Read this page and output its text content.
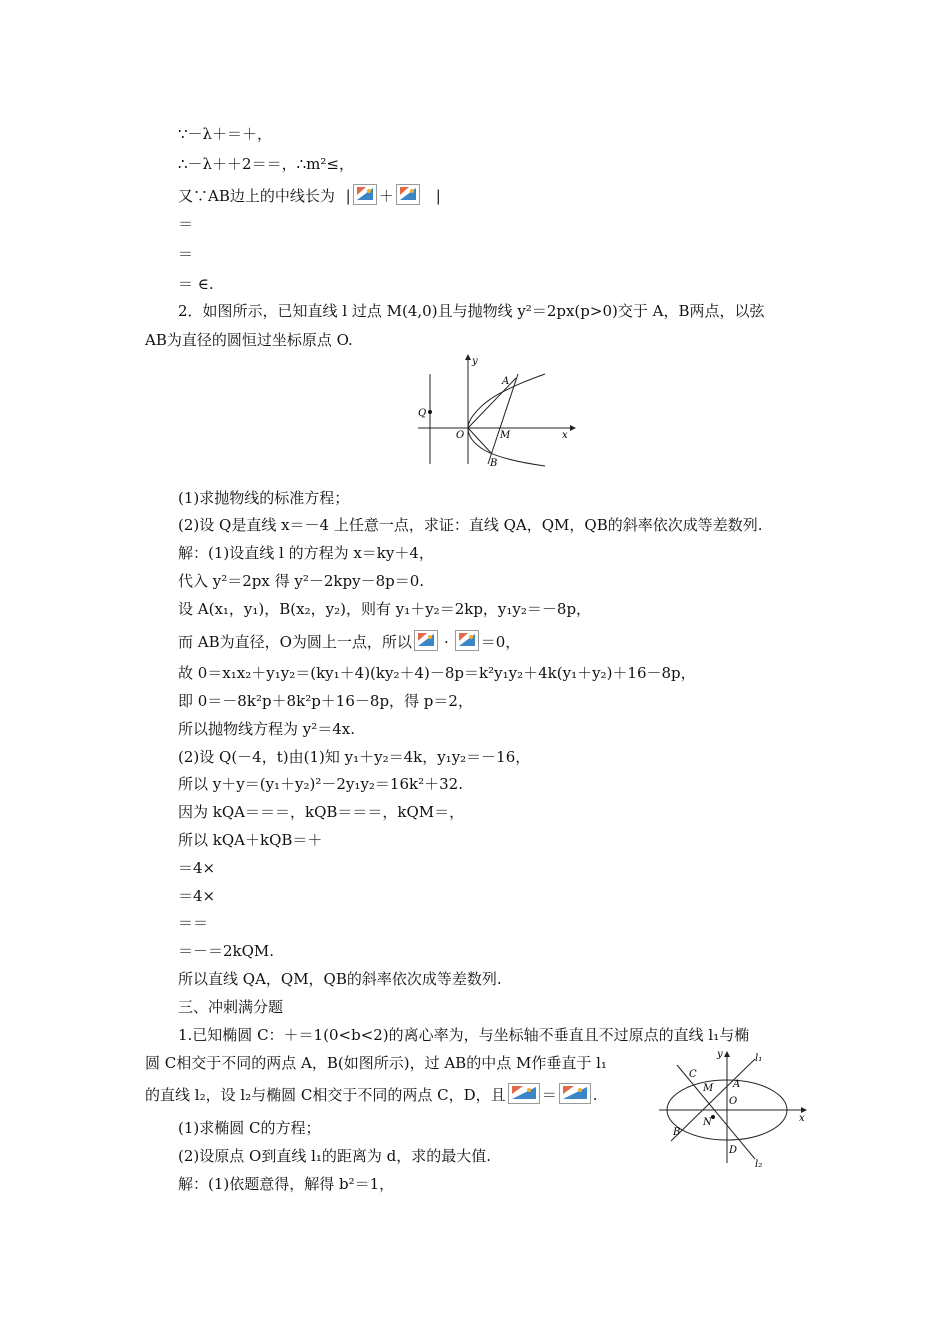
∵－λ＋＝＋，
∴－λ＋＋2＝＝，∴m²≤，
又∵AB边上的中线长为 | ＋	|
＝
＝
＝ ∈.
2．如图所示，已知直线 l 过点 M(4,0)且与抛物线 y²＝2px(p>0)交于 A，B两点，以弦
AB为直径的圆恒过坐标原点 O.
y
x
A
B
M
O
Q
(1)求抛物线的标准方程；
(2)设 Q是直线 x＝－4 上任意一点，求证：直线 QA，QM，QB的斜率依次成等差数列.
解：(1)设直线 l 的方程为 x＝ky＋4，
代入 y²＝2px 得 y²－2kpy－8p＝0.
设 A(x₁，y₁)，B(x₂，y₂)，则有 y₁＋y₂＝2kp，y₁y₂＝－8p，
而 AB为直径，O为圆上一点，所以 · ＝0，
故 0＝x₁x₂＋y₁y₂＝(ky₁＋4)(ky₂＋4)－8p＝k²y₁y₂＋4k(y₁＋y₂)＋16－8p，
即 0＝－8k²p＋8k²p＋16－8p，得 p＝2，
所以抛物线方程为 y²＝4x.
(2)设 Q(－4，t)由(1)知 y₁＋y₂＝4k，y₁y₂＝－16，
所以 y＋y＝(y₁＋y₂)²－2y₁y₂＝16k²＋32.
因为 kQA＝＝＝，kQB＝＝＝，kQM＝，
所以 kQA＋kQB＝＋
＝4×
＝4×
＝＝
＝－＝2kQM.
所以直线 QA，QM，QB的斜率依次成等差数列.
三、冲刺满分题
1.已知椭圆 C：＋＝1(0<b<2)的离心率为，与坐标轴不垂直且不过原点的直线 l₁与椭
圆 C相交于不同的两点 A，B(如图所示)，过 AB的中点 M作垂直于 l₁
的直线 l₂，设 l₂与椭圆 C相交于不同的两点 C，D，且 ＝ .
(1)求椭圆 C的方程；
(2)设原点 O到直线 l₁的距离为 d，求的最大值.
解：(1)依题意得，解得 b²＝1，
y
x
l₁
l₂
A
B
C
D
M
N
O
